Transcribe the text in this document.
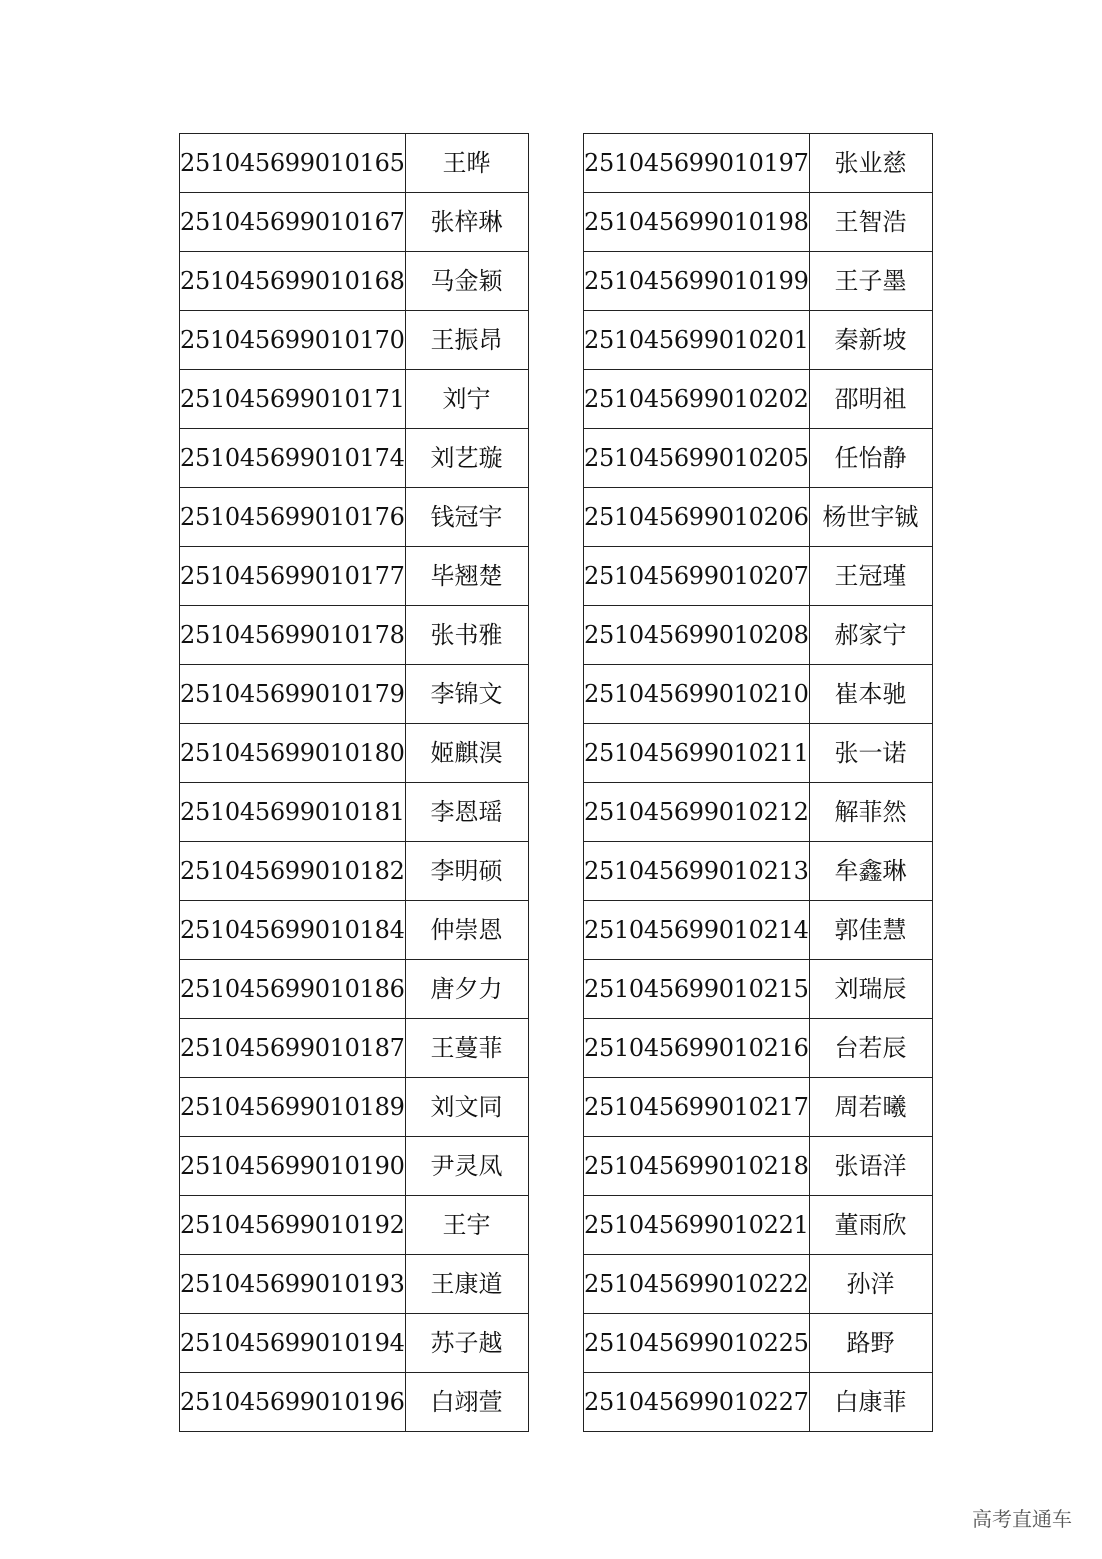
251045699010165	王晔
251045699010167	张梓琳
251045699010168	马金颖
251045699010170	王振昂
251045699010171	刘宁
251045699010174	刘艺璇
251045699010176	钱冠宇
251045699010177	毕翘楚
251045699010178	张书雅
251045699010179	李锦文
251045699010180	姬麒淏
251045699010181	李恩瑶
251045699010182	李明硕
251045699010184	仲崇恩
251045699010186	唐夕力
251045699010187	王蔓菲
251045699010189	刘文同
251045699010190	尹灵凤
251045699010192	王宇
251045699010193	王康道
251045699010194	苏子越
251045699010196	白翊萱
251045699010197	张业慈
251045699010198	王智浩
251045699010199	王子墨
251045699010201	秦新坡
251045699010202	邵明祖
251045699010205	任怡静
251045699010206	杨世宇铖
251045699010207	王冠瑾
251045699010208	郝家宁
251045699010210	崔本驰
251045699010211	张一诺
251045699010212	解菲然
251045699010213	牟鑫琳
251045699010214	郭佳慧
251045699010215	刘瑞辰
251045699010216	台若辰
251045699010217	周若曦
251045699010218	张语洋
251045699010221	董雨欣
251045699010222	孙洋
251045699010225	路野
251045699010227	白康菲
高考直通车
